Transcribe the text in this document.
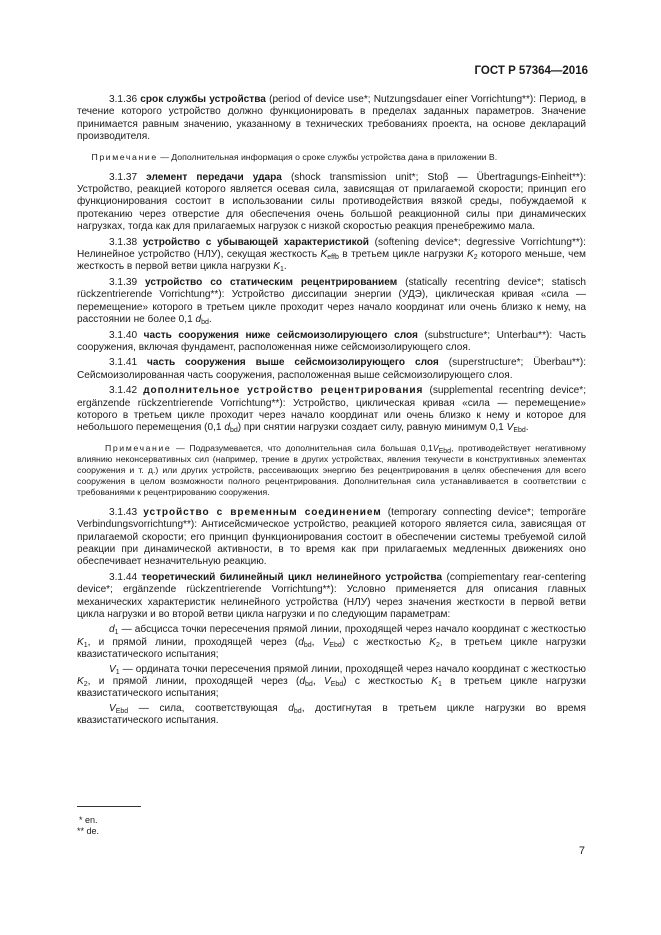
ГОСТ Р 57364—2016

3.1.36 срок службы устройства (period of device use*; Nutzungsdauer einer Vorrichtung**): Период, в течение которого устройство должно функционировать в пределах заданных параметров. Значение принимается равным значению, указанному в технических требованиях проекта, на основе деклараций производителя.

Примечание — Дополнительная информация о сроке службы устройства дана в приложении В.

3.1.37 элемент передачи удара (shock transmission unit*; Stoβ — Übertragungs-Einheit**): Устройство, реакцией которого является осевая сила, зависящая от прилагаемой скорости; принцип его функционирования состоит в использовании силы противодействия вязкой среды, побуждаемой к протеканию через отверстие для обеспечения очень большой реакционной силы при динамических нагрузках, тогда как для прилагаемых нагрузок с низкой скоростью реакция пренебрежимо мала.

3.1.38 устройство с убывающей характеристикой (softening device*; degressive Vorrichtung**): Нелинейное устройство (НЛУ), секущая жесткость $K_{effb}$ в третьем цикле нагрузки $K_2$ которого меньше, чем жесткость в первой ветви цикла нагрузки $K_1$.

3.1.39 устройство со статическим рецентрированием (statically recentring device*; statisch rückzentrierende Vorrichtung**): Устройство диссипации энергии (УДЭ), циклическая кривая «сила — перемещение» которого в третьем цикле проходит через начало координат или очень близко к нему, на расстоянии не более 0,1 $d_{bd}$.

3.1.40 часть сооружения ниже сейсмоизолирующего слоя (substructure*; Unterbau**): Часть сооружения, включая фундамент, расположенная ниже сейсмоизолирующего слоя.

3.1.41 часть сооружения выше сейсмоизолирующего слоя (superstructure*; Überbau**): Сейсмоизолированная часть сооружения, расположенная выше сейсмоизолирующего слоя.

3.1.42 дополнительное устройство рецентрирования (supplemental recentring device*; ergänzende rückzentrierende Vorrichtung**): Устройство, циклическая кривая «сила — перемещение» которого в третьем цикле проходит через начало координат или очень близко к нему и которое для небольшого перемещения (0,1 $d_{bd}$) при снятии нагрузки создает силу, равную минимум 0,1 $V_{Ebd}$.

Примечание — Подразумевается, что дополнительная сила большая $0,1V_{Ebd}$, противодействует негативному влиянию неконсервативных сил (например, трение в других устройствах, явления текучести в конструктивных элементах сооружения и т. д.) или других устройств, рассеивающих энергию без рецентрирования в целях обеспечения для всего сооружения в целом возможности полного рецентрирования. Дополнительная сила устанавливается в соответствии с требованиями к рецентрированию сооружения.

3.1.43 устройство с временным соединением (temporary connecting device*; temporäre Verbindungsvorrichtung**): Антисейсмическое устройство, реакцией которого является сила, зависящая от прилагаемой скорости; его принцип функционирования состоит в обеспечении системы требуемой силой реакции при динамической активности, в то время как при прилагаемых медленных движениях оно обеспечивает незначительную реакцию.

3.1.44 теоретический билинейный цикл нелинейного устройства (compiementary rear-centering device*; ergänzende rückzentrierende Vorrichtung**): Условно применяется для описания главных механических характеристик нелинейного устройства (НЛУ) через значения жесткости в первой ветви цикла нагрузки и во второй ветви цикла нагрузки и по следующим параметрам:

$d_1$ — абсцисса точки пересечения прямой линии, проходящей через начало координат с жесткостью $K_1$, и прямой линии, проходящей через ($d_{bd}$, $V_{Ebd}$) с жесткостью $K_2$, в третьем цикле нагрузки квазистатического испытания;

$V_1$ — ордината точки пересечения прямой линии, проходящей через начало координат с жесткостью $K_2$, и прямой линии, проходящей через ($d_{bd}$, $V_{Ebd}$) с жесткостью $K_1$ в третьем цикле нагрузки квазистатического испытания;

$V_{Ebd}$ — сила, соответствующая $d_{bd}$, достигнутая в третьем цикле нагрузки во время квазистатического испытания.

* en.
** de.
7
